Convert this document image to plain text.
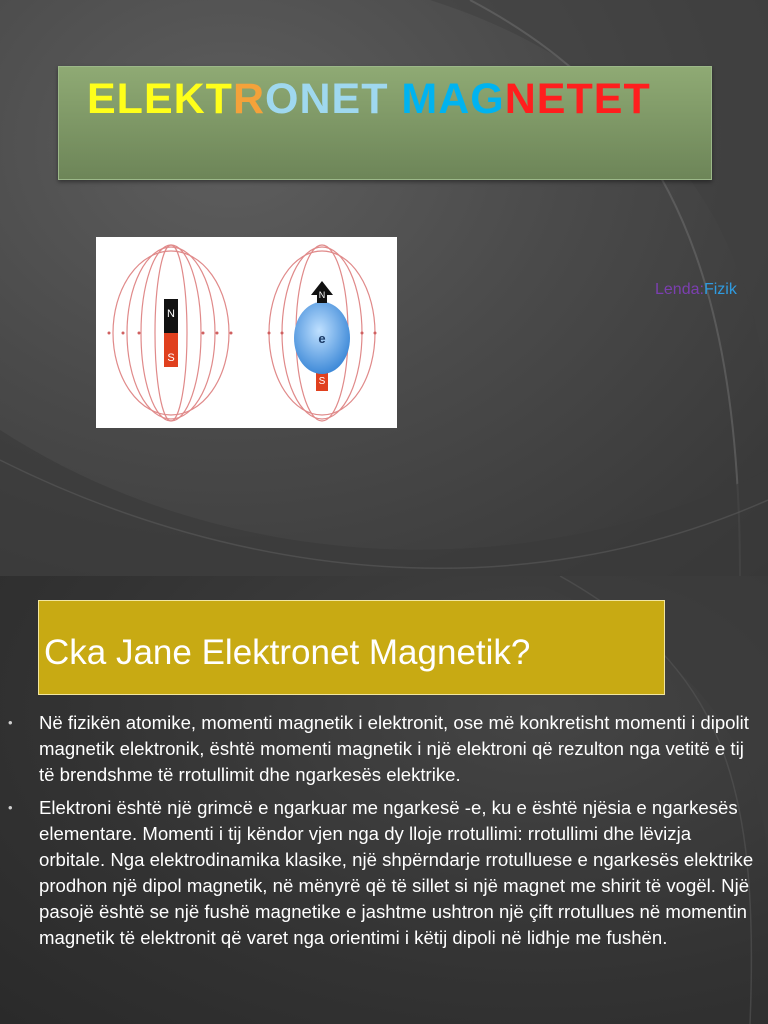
ELEKTRONET MAGNETET
N
S
N
e
S
Lenda:Fizik
Cka Jane Elektronet Magnetik?
• Në fizikën atomike, momenti magnetik i elektronit, ose më konkretisht momenti i dipolit magnetik elektronik, është momenti magnetik i një elektroni që rezulton nga vetitë e tij të brendshme të rrotullimit dhe ngarkesës elektrike.
• Elektroni është një grimcë e ngarkuar me ngarkesë -e, ku e është njësia e ngarkesës elementare. Momenti i tij këndor vjen nga dy lloje rrotullimi: rrotullimi dhe lëvizja orbitale. Nga elektrodinamika klasike, një shpërndarje rrotulluese e ngarkesës elektrike prodhon një dipol magnetik, në mënyrë që të sillet si një magnet me shirit të vogël. Një pasojë është se një fushë magnetike e jashtme ushtron një çift rrotullues në momentin magnetik të elektronit që varet nga orientimi i këtij dipoli në lidhje me fushën.
